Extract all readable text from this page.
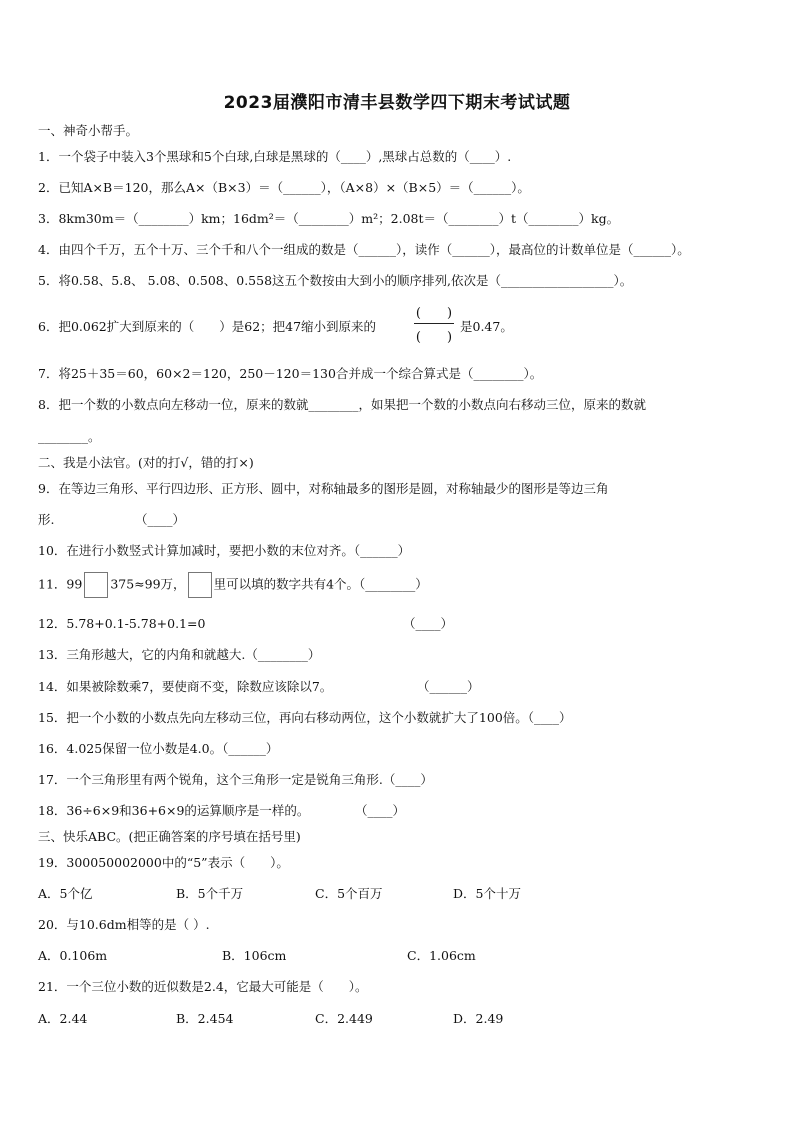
2023届濮阳市清丰县数学四下期末考试试题
一、神奇小帮手。
1．一个袋子中装入3个黑球和5个白球,白球是黑球的（____）,黑球占总数的（____）.
2．已知A×B＝120，那么A×（B×3）＝（______），（A×8）×（B×5）＝（______）。
3．8km30m＝（________）km；16dm²＝（________）m²；2.08t＝（________）t（________）kg。
4．由四个千万，五个十万、三个千和八个一组成的数是（______），读作（______），最高位的计数单位是（______）。
5．将0.58、5.8、 5.08、0.508、0.558这五个数按由大到小的顺序排列,依次是（__________________）。
6．把0.062扩大到原来的（　　）是62；把47缩小到原来的
(　　)
(　　)
是0.47。
7．将25＋35＝60，60×2＝120，250－120＝130合并成一个综合算式是（________）。
8．把一个数的小数点向左移动一位，原来的数就________，如果把一个数的小数点向右移动三位，原来的数就
________。
二、我是小法官。(对的打√，错的打×)
9．在等边三角形、平行四边形、正方形、圆中，对称轴最多的图形是圆，对称轴最少的图形是等边三角
形.	（____）
10．在进行小数竖式计算加减时，要把小数的末位对齐。（______）
11．99 375≈99万， 里可以填的数字共有4个。（________）
12．5.78+0.1-5.78+0.1=0	（____）
13．三角形越大，它的内角和就越大.（________）
14．如果被除数乘7，要使商不变，除数应该除以7。	（______）
15．把一个小数的小数点先向左移动三位，再向右移动两位，这个小数就扩大了100倍。（____）
16．4.025保留一位小数是4.0。（______）
17．一个三角形里有两个锐角，这个三角形一定是锐角三角形.（____）
18．36÷6×9和36+6×9的运算顺序是一样的。	（____）
三、快乐ABC。(把正确答案的序号填在括号里)
19．300050002000中的“5”表示（　　）。
A．5个亿	B．5个千万	C．5个百万	D．5个十万
20．与10.6dm相等的是（ ）.
A．0.106m	B．106cm	C．1.06cm
21．一个三位小数的近似数是2.4，它最大可能是（　　）。
A．2.44	B．2.454	C．2.449	D．2.49
